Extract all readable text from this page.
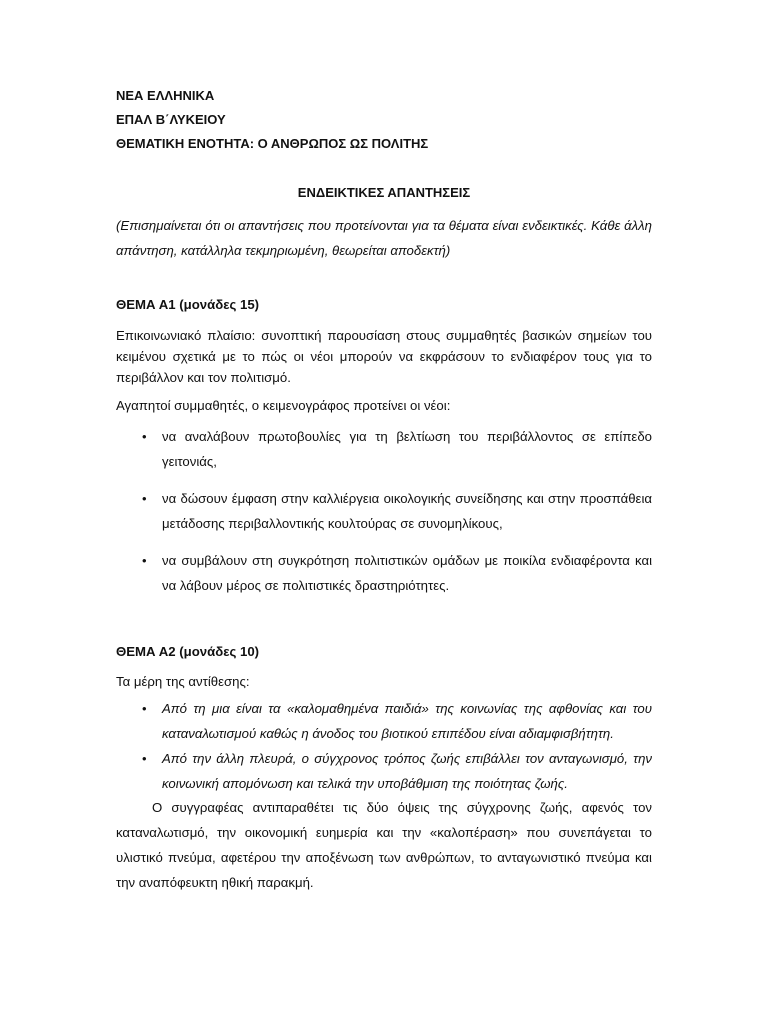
ΝΕΑ ΕΛΛΗΝΙΚΑ
ΕΠΑΛ Β΄ΛΥΚΕΙΟΥ
ΘΕΜΑΤΙΚΗ ΕΝΟΤΗΤΑ: Ο ΑΝΘΡΩΠΟΣ ΩΣ ΠΟΛΙΤΗΣ
ΕΝΔΕΙΚΤΙΚΕΣ ΑΠΑΝΤΗΣΕΙΣ
(Επισημαίνεται ότι οι απαντήσεις που προτείνονται για τα θέματα είναι ενδεικτικές. Κάθε άλλη απάντηση, κατάλληλα τεκμηριωμένη, θεωρείται αποδεκτή)
ΘΕΜΑ Α1 (μονάδες 15)
Επικοινωνιακό πλαίσιο: συνοπτική παρουσίαση στους συμμαθητές βασικών σημείων του κειμένου σχετικά με το πώς οι νέοι μπορούν να εκφράσουν το ενδιαφέρον τους για το περιβάλλον και τον πολιτισμό.
Αγαπητοί συμμαθητές, ο κειμενογράφος προτείνει οι νέοι:
•	να αναλάβουν πρωτοβουλίες για τη βελτίωση του περιβάλλοντος σε επίπεδο γειτονιάς,
•	να δώσουν έμφαση στην καλλιέργεια οικολογικής συνείδησης και στην προσπάθεια μετάδοσης περιβαλλοντικής κουλτούρας σε συνομηλίκους,
•	να συμβάλουν στη συγκρότηση πολιτιστικών ομάδων με ποικίλα ενδιαφέροντα και να λάβουν μέρος σε πολιτιστικές δραστηριότητες.
ΘΕΜΑ Α2 (μονάδες 10)
Τα μέρη της αντίθεσης:
•	Από τη μια είναι τα «καλομαθημένα παιδιά» της κοινωνίας της αφθονίας και του καταναλωτισμού καθώς η άνοδος του βιοτικού επιπέδου είναι αδιαμφισβήτητη.
•	Από την άλλη πλευρά, ο σύγχρονος τρόπος ζωής επιβάλλει τον ανταγωνισμό, την κοινωνική απομόνωση και τελικά την υποβάθμιση της ποιότητας ζωής.
Ο συγγραφέας αντιπαραθέτει τις δύο όψεις της σύγχρονης ζωής, αφενός τον καταναλωτισμό, την οικονομική ευημερία και την «καλοπέραση» που συνεπάγεται το υλιστικό πνεύμα, αφετέρου την αποξένωση των ανθρώπων, το ανταγωνιστικό πνεύμα και την αναπόφευκτη ηθική παρακμή.
